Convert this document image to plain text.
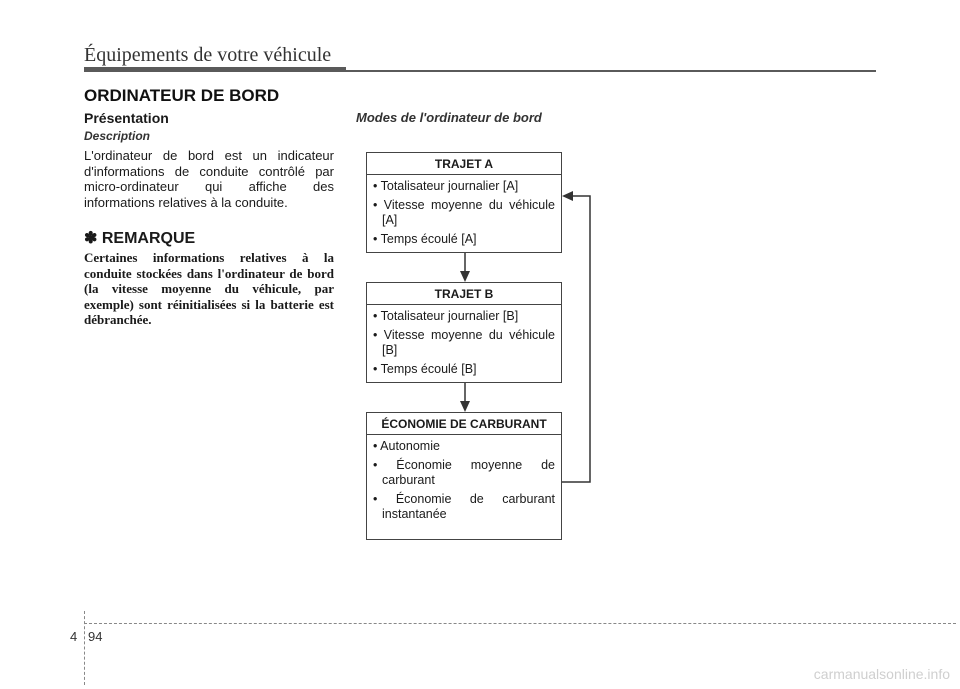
Équipements de votre véhicule
ORDINATEUR DE BORD
Présentation
Description
L'ordinateur de bord est un indicateur d'informations de conduite contrôlé par micro-ordinateur qui affiche des informations relatives à la conduite.
✽ REMARQUE
Certaines informations relatives à la conduite stockées dans l'ordinateur de bord (la vitesse moyenne du véhicule, par exemple) sont réinitialisées si la batterie est débranchée.
Modes de l'ordinateur de bord
TRAJET A
• Totalisateur journalier [A]
• Vitesse moyenne du véhicule [A]
• Temps écoulé [A]
TRAJET B
• Totalisateur journalier [B]
• Vitesse moyenne du véhicule [B]
• Temps écoulé [B]
ÉCONOMIE DE CARBURANT
• Autonomie
• Économie moyenne de carburant
• Économie de carburant instantanée
4 94
carmanualsonline.info
